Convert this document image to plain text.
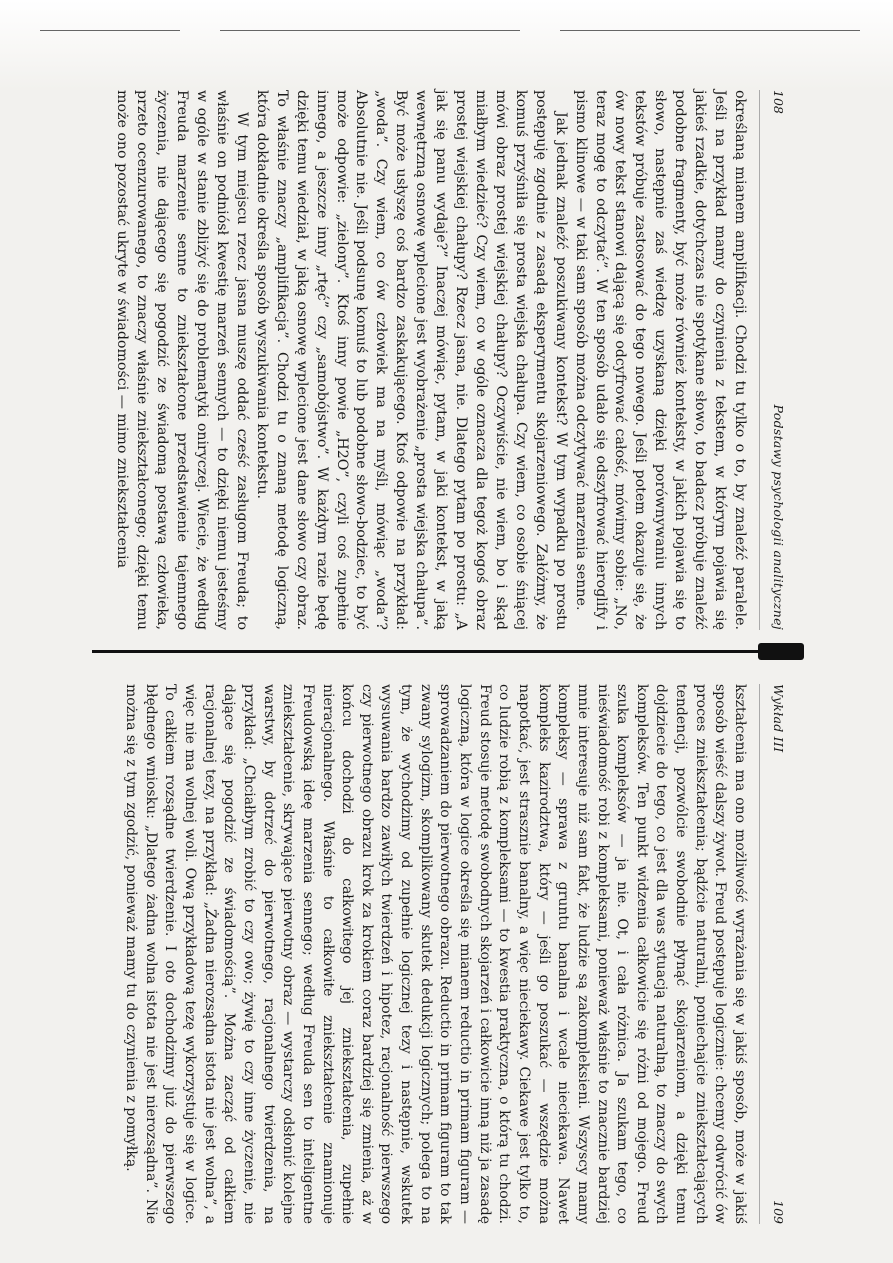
108
Podstawy psychologii analitycznej

określaną mianem amplifikacji. Chodzi tu tylko o to, by znaleźć paralele. Jeśli na przykład mamy do czynienia z tekstem, w którym pojawia się jakieś rzadkie, dotychczas nie spotykane słowo, to badacz próbuje znaleźć podobne fragmenty, być może również konteksty, w jakich pojawia się to słowo, następnie zaś wiedzę uzyskaną dzięki porównywaniu innych tekstów próbuje zastosować do tego nowego. Jeśli potem okazuje się, że ów nowy tekst stanowi dającą się odcyfrować całość, mówimy sobie: „No, teraz mogę to odczytać”. W ten sposób udało się odszyfrować hieroglify i pismo klinowe — w taki sam sposób można odczytywać marzenia senne.

Jak jednak znaleźć poszukiwany kontekst? W tym wypadku po prostu postępuję zgodnie z zasadą eksperymentu skojarzeniowego. Załóżmy, że komuś przyśniła się prosta wiejska chałupa. Czy wiem, co osobie śniącej mówi obraz prostej wiejskiej chałupy? Oczywiście, nie wiem, bo i skąd miałbym wiedzieć? Czy wiem, co w ogóle oznacza dla tegoż kogoś obraz prostej wiejskiej chałupy? Rzecz jasna, nie. Dlatego pytam po prostu: „A jak się panu wydaje?” Inaczej mówiąc, pytam, w jaki kontekst, w jaką wewnętrzną osnowę wplecione jest wyobrażenie „prosta wiejska chałupa”. Być może usłyszę coś bardzo zaskakującego. Ktoś odpowie na przykład: „woda”. Czy wiem, co ów człowiek ma na myśli, mówiąc „woda”? Absolutnie nie. Jeśli podsunę komuś to lub podobne słowo-bodziec, to być może odpowie: „zielony”. Ktoś inny powie „H2O”, czyli coś zupełnie innego, a jeszcze inny „rtęć” czy „samobójstwo”. W każdym razie będę dzięki temu wiedział, w jaką osnowę wplecione jest dane słowo czy obraz. To właśnie znaczy „amplifikacja”. Chodzi tu o znaną metodę logiczną, która dokładnie określa sposób wyszukiwania kontekstu.

W tym miejscu rzecz jasna muszę oddać cześć zasługom Freuda; to właśnie on podniósł kwestię marzeń sennych — to dzięki niemu jesteśmy w ogóle w stanie zbliżyć się do problematyki oniryczej. Wiecie, że według Freuda marzenie senne to zniekształcone przedstawienie tajemnego życzenia, nie dającego się pogodzić ze świadomą postawą człowieka, przeto ocenzurowanego, to znaczy właśnie zniekształconego; dzięki temu może ono pozostać ukryte w świadomości — mimo zniekształcenia

Wykład III
109

kształcenia ma ono możliwość wyrażania się w jakiś sposób, może w jakiś sposób wieść dalszy żywot. Freud postępuje logicznie: chcemy odwrócić ów proces zniekształcenia; bądźcie naturalni, poniechajcie zniekształcających tendencji, pozwólcie swobodnie płynąć skojarzeniom, a dzięki temu dojdziecie do tego, co jest dla was sytuacją naturalną, to znaczy do swych kompleksów. Ten punkt widzenia całkowicie się różni od mojego. Freud szuka kompleksów — ja nie. Ot, i cała różnica. Ja szukam tego, co nieświadomość robi z kompleksami, ponieważ właśnie to znacznie bardziej mnie interesuje niż sam fakt, że ludzie są zakompleksieni. Wszyscy mamy kompleksy — sprawa z gruntu banalna i wcale nieciekawa. Nawet kompleks kazirodztwa, który — jeśli go poszukać — wszędzie można napotkać, jest strasznie banalny, a więc nieciekawy. Ciekawe jest tylko to, co ludzie robią z kompleksami — to kwestia praktyczna, o którą tu chodzi. Freud stosuje metodę swobodnych skojarzeń i całkowicie inną niż ja zasadę logiczną, która w logice określa się mianem reductio in primam figuram — sprowadzaniem do pierwotnego obrazu. Reductio in primam figuram to tak zwany sylogizm, skomplikowany skutek dedukcji logicznych; polega to na tym, że wychodzimy od zupełnie logicznej tezy i następnie, wskutek wysuwania bardzo zawiłych twierdzeń i hipotez, racjonalność pierwszego czy pierwotnego obrazu krok za krokiem coraz bardziej się zmienia, aż w końcu dochodzi do całkowitego jej zniekształcenia, zupełnie nieracjonalnego. Właśnie to całkowite zniekształcenie znamionuje Freudowską ideę marzenia sennego; według Freuda sen to inteligentne zniekształcenie, skrywające pierwotny obraz — wystarczy odsłonić kolejne warstwy, by dotrzeć do pierwotnego, racjonalnego twierdzenia, na przykład: „Chciałbym zrobić to czy owo; żywię to czy inne życzenie, nie dające się pogodzić ze świadomością”. Można zacząć od całkiem racjonalnej tezy, na przykład: „Żadna nierozsądna istota nie jest wolna”, a więc nie ma wolnej woli. Ową przykładową tezę wykorzystuje się w logice. To całkiem rozsądne twierdzenie. I oto dochodzimy już do pierwszego błędnego wniosku: „Dlatego żadna wolna istota nie jest nierozsądna”. Nie można się z tym zgodzić, ponieważ mamy tu do czynienia z pomyłką.
